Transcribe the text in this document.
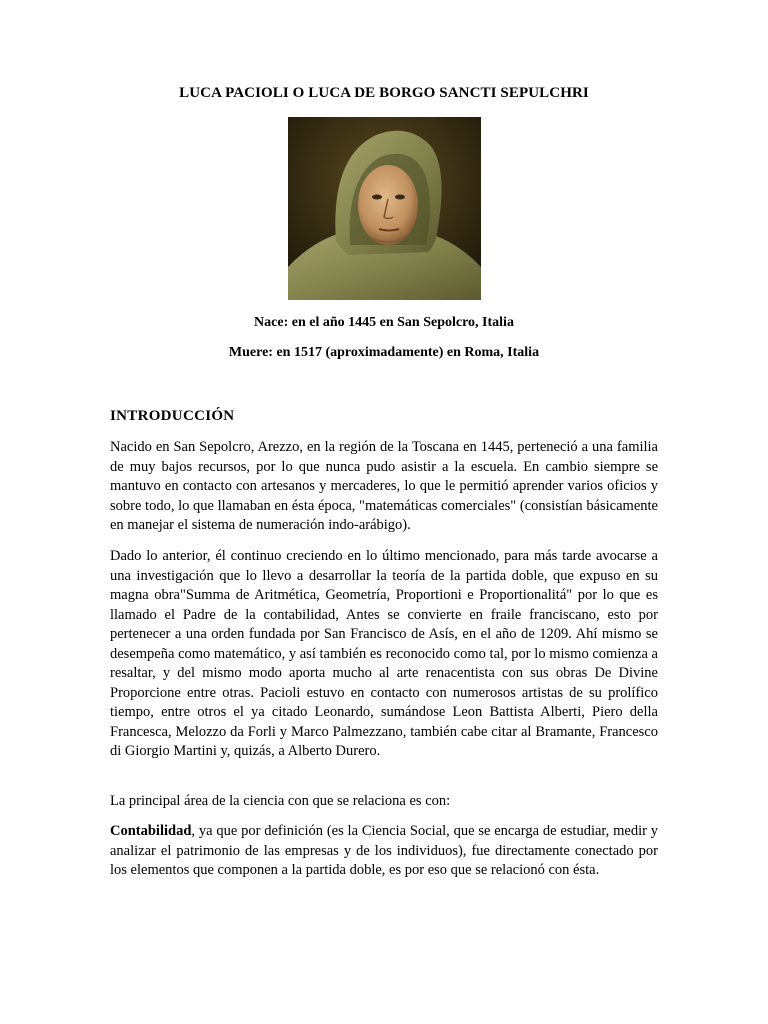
LUCA PACIOLI O LUCA DE BORGO SANCTI SEPULCHRI
Nace: en el año 1445 en San Sepolcro, Italia
Muere: en 1517 (aproximadamente) en Roma, Italia
INTRODUCCIÓN

Nacido en San Sepolcro, Arezzo, en la región de la Toscana en 1445, perteneció a una familia de muy bajos recursos, por lo que nunca pudo asistir a la escuela. En cambio siempre se mantuvo en contacto con artesanos y mercaderes, lo que le permitió aprender varios oficios y sobre todo, lo que llamaban en ésta época, "matemáticas comerciales" (consistían básicamente en manejar el sistema de numeración indo-arábigo).

Dado lo anterior, él continuo creciendo en lo último mencionado, para más tarde avocarse a una investigación que lo llevo a desarrollar la teoría de la partida doble, que expuso en su magna obra"Summa de Aritmética, Geometría, Proportioni e Proportionalitá" por lo que es llamado el Padre de la contabilidad, Antes se convierte en fraile franciscano, esto por pertenecer a una orden fundada por San Francisco de Asís, en el año de 1209. Ahí mismo se desempeña como matemático, y así también es reconocido como tal, por lo mismo comienza a resaltar, y del mismo modo aporta mucho al arte renacentista con sus obras De Divine Proporcione entre otras. Pacioli estuvo en contacto con numerosos artistas de su prolífico tiempo, entre otros el ya citado Leonardo, sumándose Leon Battista Alberti, Piero della Francesca, Melozzo da Forli y Marco Palmezzano, también cabe citar al Bramante, Francesco di Giorgio Martini y, quizás, a Alberto Durero.

La principal área de la ciencia con que se relaciona es con:

Contabilidad, ya que por definición (es la Ciencia Social, que se encarga de estudiar, medir y analizar el patrimonio de las empresas y de los individuos), fue directamente conectado por los elementos que componen a la partida doble, es por eso que se relacionó con ésta.
